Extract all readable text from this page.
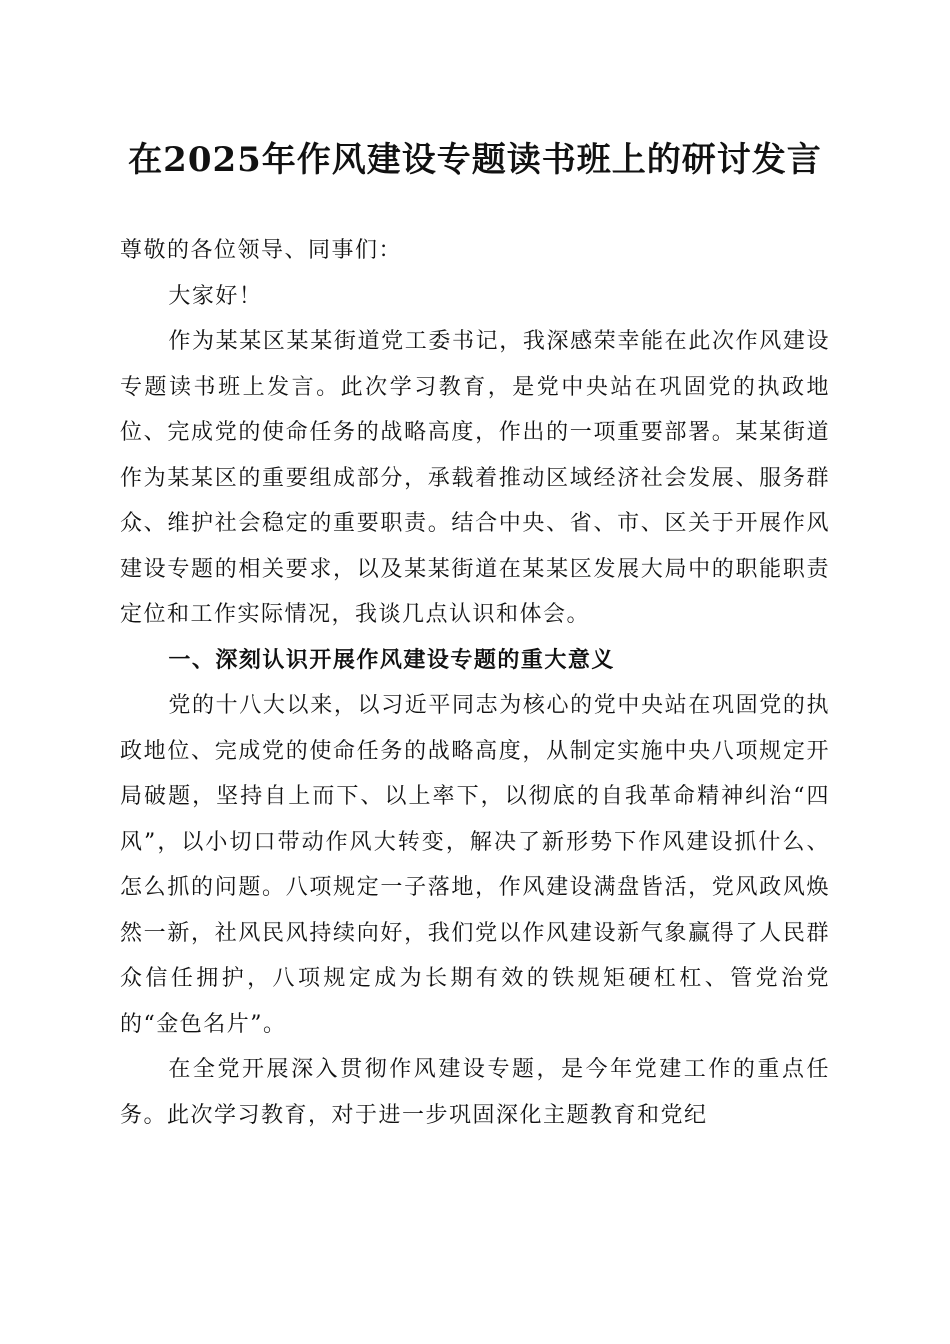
在2025年作风建设专题读书班上的研讨发言

尊敬的各位领导、同事们：

大家好！

作为某某区某某街道党工委书记，我深感荣幸能在此次作风建设专题读书班上发言。此次学习教育，是党中央站在巩固党的执政地位、完成党的使命任务的战略高度，作出的一项重要部署。某某街道作为某某区的重要组成部分，承载着推动区域经济社会发展、服务群众、维护社会稳定的重要职责。结合中央、省、市、区关于开展作风建设专题的相关要求，以及某某街道在某某区发展大局中的职能职责定位和工作实际情况，我谈几点认识和体会。

一、深刻认识开展作风建设专题的重大意义

党的十八大以来，以习近平同志为核心的党中央站在巩固党的执政地位、完成党的使命任务的战略高度，从制定实施中央八项规定开局破题，坚持自上而下、以上率下，以彻底的自我革命精神纠治“四风”，以小切口带动作风大转变，解决了新形势下作风建设抓什么、怎么抓的问题。八项规定一子落地，作风建设满盘皆活，党风政风焕然一新，社风民风持续向好，我们党以作风建设新气象赢得了人民群众信任拥护，八项规定成为长期有效的铁规矩硬杠杠、管党治党的“金色名片”。

在全党开展深入贯彻作风建设专题，是今年党建工作的重点任务。此次学习教育，对于进一步巩固深化主题教育和党纪
